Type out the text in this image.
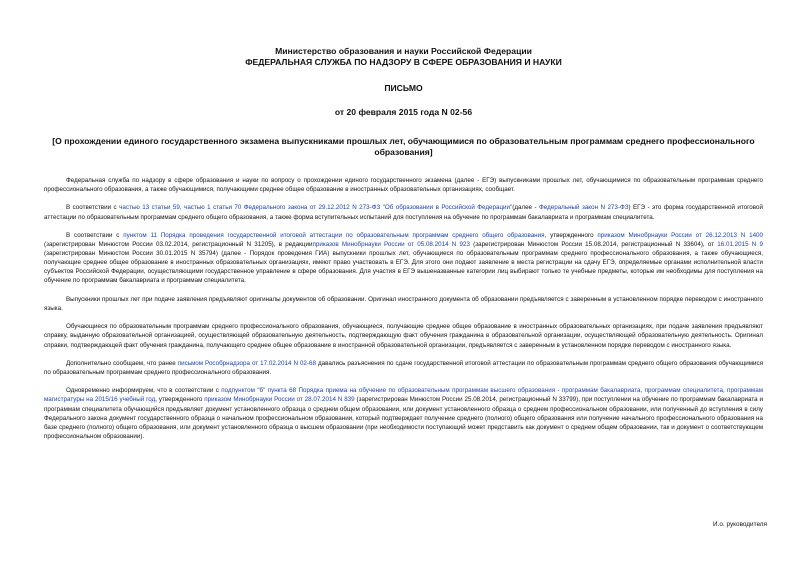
Министерство образования и науки Российской Федерации
ФЕДЕРАЛЬНАЯ СЛУЖБА ПО НАДЗОРУ В СФЕРЕ ОБРАЗОВАНИЯ И НАУКИ
ПИСЬМО
от 20 февраля 2015 года N 02-56
[О прохождении единого государственного экзамена выпускниками прошлых лет, обучающимися по образовательным программам среднего профессионального образования]

Федеральная служба по надзору в сфере образования и науки по вопросу о прохождении единого государственного экзамена (далее - ЕГЭ) выпускниками прошлых лет, обучающимися по образовательным программам среднего профессионального образования, а также обучающимися, получающими среднее общее образование в иностранных образовательных организациях, сообщает.

В соответствии с частью 13 статьи 59, частью 1 статьи 70 Федерального закона от 29.12.2012 N 273-ФЗ "Об образовании в Российской Федерации"(далее - Федеральный закон N 273-ФЗ) ЕГЭ - это форма государственной итоговой аттестации по образовательным программам среднего общего образования, а также форма вступительных испытаний для поступления на обучение по программам бакалавриата и программам специалитета.

В соответствии с пунктом 11 Порядка проведения государственной итоговой аттестации по образовательным программам среднего общего образования, утвержденного приказом Минобрнауки России от 26.12.2013 N 1400 (зарегистрирован Минюстом России 03.02.2014, регистрационный N 31205), в редакцииприказов Минобрнауки России от 05.08.2014 N 923 (зарегистрирован Минюстом России 15.08.2014, регистрационный N 33604), от 16.01.2015 N 9 (зарегистрирован Минюстом России 30.01.2015 N 35794) (далее - Порядок проведения ГИА) выпускники прошлых лет, обучающиеся по образовательным программам среднего профессионального образования, а также обучающиеся, получающие среднее общее образование в иностранных образовательных организациях, имеют право участвовать в ЕГЭ. Для этого они подают заявление в места регистрации на сдачу ЕГЭ, определяемые органами исполнительной власти субъектов Российской Федерации, осуществляющими государственное управление в сфере образования. Для участия в ЕГЭ вышеназванные категории лиц выбирают только те учебные предметы, которые им необходимы для поступления на обучение по программам бакалавриата и программам специалитета.

Выпускники прошлых лет при подаче заявления предъявляют оригиналы документов об образовании. Оригинал иностранного документа об образовании предъявляется с заверенным в установленном порядке переводом с иностранного языка.

Обучающиеся по образовательным программам среднего профессионального образования, обучающиеся, получающие среднее общее образование в иностранных образовательных организациях, при подаче заявления предъявляют справку, выданную образовательной организацией, осуществляющей образовательную деятельность, подтверждающую факт обучения гражданина в образовательной организации, осуществляющей образовательную деятельность. Оригинал справки, подтверждающей факт обучения гражданина, получающего среднее общее образование в иностранной образовательной организации, предъявляется с заверенным в установленном порядке переводом с иностранного языка.

Дополнительно сообщаем, что ранее письмом Рособрнадзора от 17.02.2014 N 02-68 давались разъяснения по сдаче государственной итоговой аттестации по образовательным программам среднего общего образования обучающимися по образовательным программам среднего профессионального образования.

Одновременно информируем, что в соответствии с подпунктом "б" пункта 68 Порядка приема на обучение по образовательным программам высшего образования - программам бакалавриата, программам специалитета, программам магистратуры на 2015/16 учебный год, утвержденного приказом Минобрнауки России от 28.07.2014 N 839 (зарегистрирован Минюстом России 25.08.2014, регистрационный N 33799), при поступлении на обучение по программам бакалавриата и программам специалитета обучающийся предъявляет документ установленного образца о среднем общем образовании, или документ установленного образца о среднем профессиональном образовании, или полученный до вступления в силу Федерального закона документ государственного образца о начальном профессиональном образовании, который подтверждает получение среднего (полного) общего образования или получение начального профессионального образования на базе среднего (полного) общего образования, или документ установленного образца о высшем образовании (при необходимости поступающий может представить как документ о среднем общем образовании, так и документ о соответствующем профессиональном образовании).

И.о. руководителя
